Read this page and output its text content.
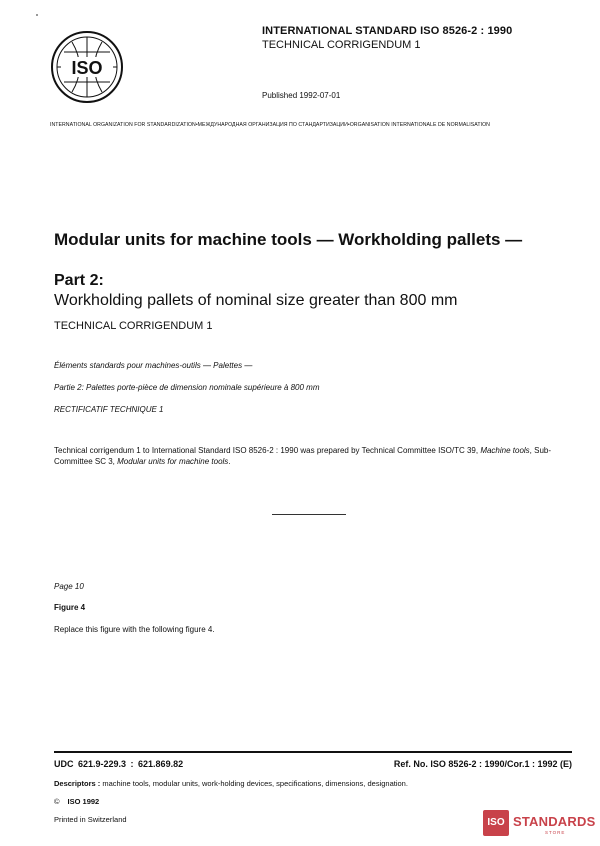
ISO
INTERNATIONAL STANDARD ISO 8526-2 : 1990
TECHNICAL CORRIGENDUM 1
Published 1992-07-01
INTERNATIONAL ORGANIZATION FOR STANDARDIZATION•МЕЖДУНАРОДНАЯ ОРГАНИЗАЦИЯ ПО СТАНДАРТИЗАЦИИ•ORGANISATION INTERNATIONALE DE NORMALISATION
Modular units for machine tools — Workholding pallets —
Part 2:
Workholding pallets of nominal size greater than 800 mm
TECHNICAL CORRIGENDUM 1
Éléments standards pour machines-outils — Palettes —
Partie 2: Palettes porte-pièce de dimension nominale supérieure à 800 mm
RECTIFICATIF TECHNIQUE 1
Technical corrigendum 1 to International Standard ISO 8526-2 : 1990 was prepared by Technical Committee ISO/TC 39, Machine tools, Sub-Committee SC 3, Modular units for machine tools.
Page 10
Figure 4
Replace this figure with the following figure 4.
UDC 621.9-229.3 : 621.869.82	Ref. No. ISO 8526-2 : 1990/Cor.1 : 1992 (E)
Descriptors : machine tools, modular units, work-holding devices, specifications, dimensions, designation.
© ISO 1992
Printed in Switzerland	ISO STANDARDS
STORE
